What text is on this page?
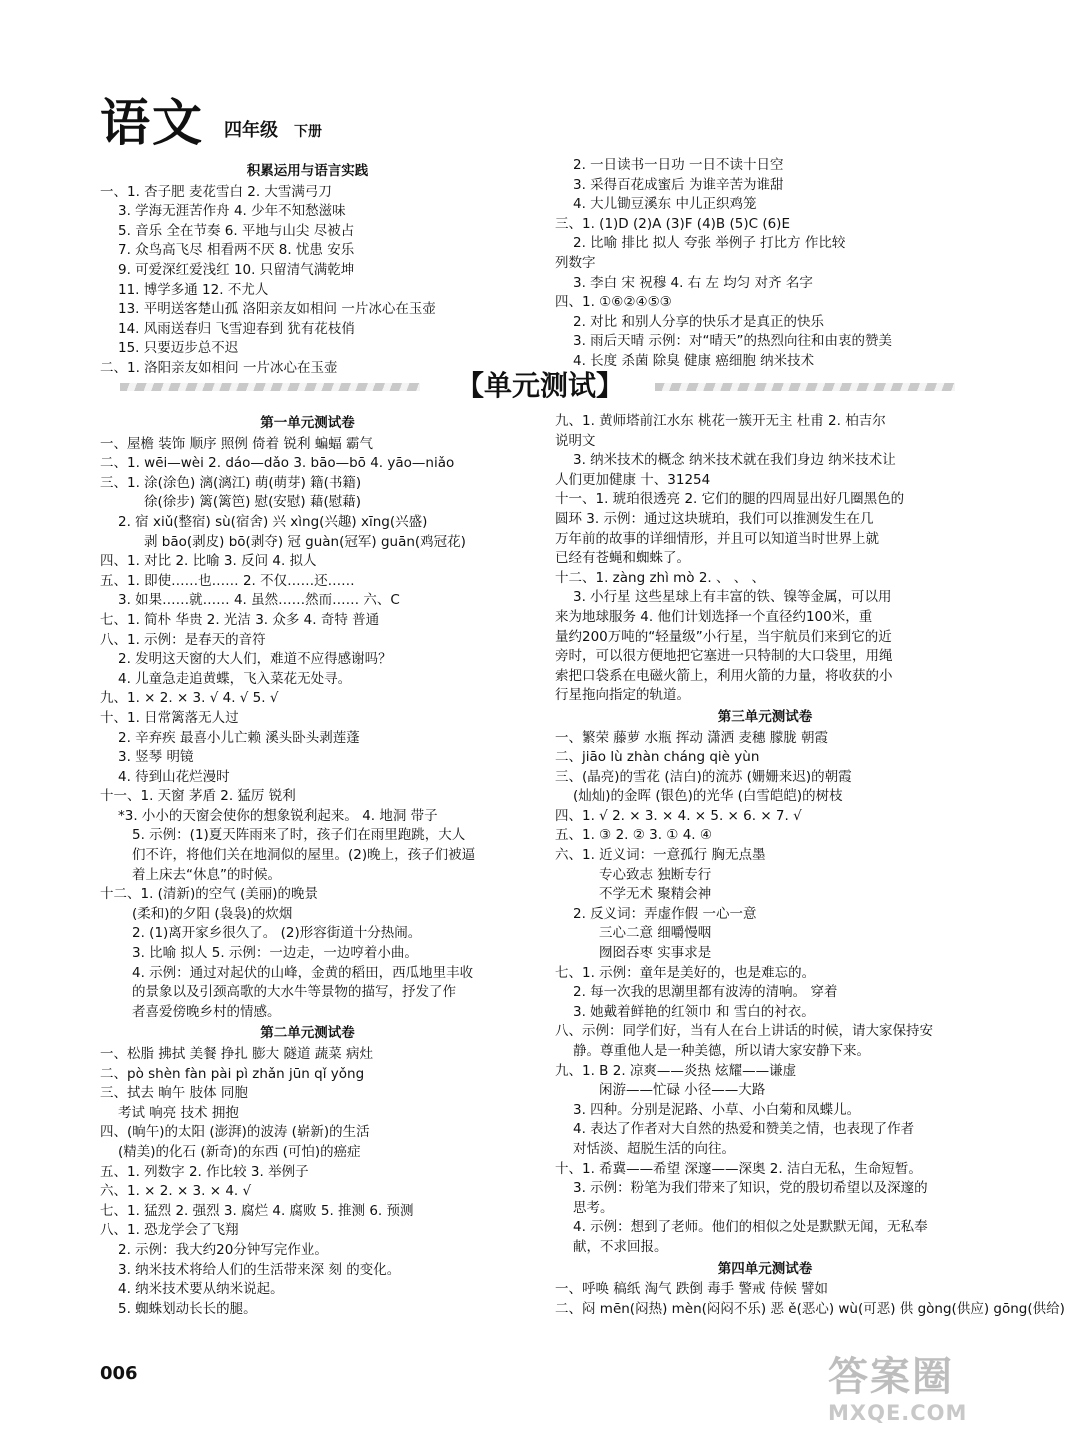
语文 四年级 下册
积累运用与语言实践
一、1. 杏子肥 麦花雪白 2. 大雪满弓刀
3. 学海无涯苦作舟 4. 少年不知愁滋味
5. 音乐 全在节奏 6. 平地与山尖 尽被占
7. 众鸟高飞尽 相看两不厌 8. 忧患 安乐
9. 可爱深红爱浅红 10. 只留清气满乾坤
11. 博学多通 12. 不尤人
13. 平明送客楚山孤 洛阳亲友如相问 一片冰心在玉壶
14. 风雨送春归 飞雪迎春到 犹有花枝俏
15. 只要迈步总不迟
二、1. 洛阳亲友如相问 一片冰心在玉壶
2. 一日读书一日功 一日不读十日空
3. 采得百花成蜜后 为谁辛苦为谁甜
4. 大儿锄豆溪东 中儿正织鸡笼
三、1. (1)D (2)A (3)F (4)B (5)C (6)E
2. 比喻 排比 拟人 夸张 举例子 打比方 作比较
列数字
3. 李白 宋 祝穆 4. 右 左 均匀 对齐 名字
四、1. ①⑥②④⑤③
2. 对比 和别人分享的快乐才是真正的快乐
3. 雨后天晴 示例：对“晴天”的热烈向往和由衷的赞美
4. 长度 杀菌 除臭 健康 癌细胞 纳米技术
【单元测试】
第一单元测试卷
一、屋檐 装饰 顺序 照例 倚着 锐利 蝙蝠 霸气
二、1. wēi—wèi 2. dáo—dǎo 3. bāo—bō 4. yāo—niǎo
三、1. 涂(涂色) 漓(漓江) 萌(萌芽) 籍(书籍)
徐(徐步) 篱(篱笆) 慰(安慰) 藉(慰藉)
2. 宿 xiǔ(整宿) sù(宿舍) 兴 xìng(兴趣) xīng(兴盛)
剥 bāo(剥皮) bō(剥夺) 冠 guàn(冠军) guān(鸡冠花)
四、1. 对比 2. 比喻 3. 反问 4. 拟人
五、1. 即使……也…… 2. 不仅……还……
3. 如果……就…… 4. 虽然……然而…… 六、C
七、1. 简朴 华贵 2. 光洁 3. 众多 4. 奇特 普通
八、1. 示例：是春天的音符
2. 发明这天窗的大人们，难道不应得感谢吗？
4. 儿童急走追黄蝶，飞入菜花无处寻。
九、1. × 2. × 3. √ 4. √ 5. √
十、1. 日常篱落无人过
2. 辛弃疾 最喜小儿亡赖 溪头卧头剥莲蓬
3. 竖琴 明镜
4. 待到山花烂漫时
十一、1. 天窗 茅盾 2. 猛厉 锐利
*3. 小小的天窗会使你的想象锐利起来。 4. 地洞 带子
5. 示例：(1)夏天阵雨来了时，孩子们在雨里跑跳，大人
们不许，将他们关在地洞似的屋里。(2)晚上，孩子们被逼
着上床去“休息”的时候。
十二、1. (清新)的空气 (美丽)的晚景
(柔和)的夕阳 (袅袅)的炊烟
2. (1)离开家乡很久了。 (2)形容街道十分热闹。
3. 比喻 拟人 5. 示例：一边走，一边哼着小曲。
4. 示例：通过对起伏的山峰，金黄的稻田，西瓜地里丰收
的景象以及引颈高歌的大水牛等景物的描写，抒发了作
者喜爱傍晚乡村的情感。
第二单元测试卷
一、松脂 拂拭 美餐 挣扎 膨大 隧道 蔬菜 病灶
二、pò shèn fàn pài pì zhǎn jūn qǐ yǒng
三、拭去 晌午 肢体 同胞
考试 响亮 技术 拥抱
四、(晌午)的太阳 (澎湃)的波涛 (崭新)的生活
(精美)的化石 (新奇)的东西 (可怕)的癌症
五、1. 列数字 2. 作比较 3. 举例子
六、1. × 2. × 3. × 4. √
七、1. 猛烈 2. 强烈 3. 腐烂 4. 腐败 5. 推测 6. 预测
八、1. 恐龙学会了飞翔
2. 示例：我大约20分钟写完作业。
3. 纳米技术将给人们的生活带来深 刻 的变化。
4. 纳米技术要从纳米说起。
5. 蜘蛛划动长长的腿。
九、1. 黄师塔前江水东 桃花一簇开无主 杜甫 2. 柏吉尔
说明文
3. 纳米技术的概念 纳米技术就在我们身边 纳米技术让
人们更加健康 十、31254
十一、1. 琥珀很透亮 2. 它们的腿的四周显出好几圈黑色的
圆环 3. 示例：通过这块琥珀，我们可以推测发生在几
万年前的故事的详细情形，并且可以知道当时世界上就
已经有苍蝇和蜘蛛了。
十二、1. zàng zhì mò 2. 、 、 、
3. 小行星 这些星球上有丰富的铁、镍等金属，可以用
来为地球服务 4. 他们计划选择一个直径约100米，重
量约200万吨的“轻量级”小行星，当宇航员们来到它的近
旁时，可以很方便地把它塞进一只特制的大口袋里，用绳
索把口袋系在电磁火箭上，利用火箭的力量，将收获的小
行星拖向指定的轨道。
第三单元测试卷
一、繁荣 藤萝 水瓶 挥动 潇洒 麦穗 朦胧 朝霞
二、jiāo lù zhàn cháng qiè yùn
三、(晶亮)的雪花 (洁白)的流苏 (姗姗来迟)的朝霞
(灿灿)的金晖 (银色)的光华 (白雪皑皑)的树枝
四、1. √ 2. × 3. × 4. × 5. × 6. × 7. √
五、1. ③ 2. ② 3. ① 4. ④
六、1. 近义词：一意孤行 胸无点墨
专心致志 独断专行
不学无术 聚精会神
2. 反义词：弄虚作假 一心一意
三心二意 细嚼慢咽
囫囵吞枣 实事求是
七、1. 示例：童年是美好的，也是难忘的。
2. 每一次我的思潮里都有波涛的清响。 穿着
3. 她戴着鲜艳的红领巾 和 雪白的衬衣。
八、示例：同学们好，当有人在台上讲话的时候，请大家保持安
静。尊重他人是一种美德，所以请大家安静下来。
九、1. B 2. 凉爽——炎热 炫耀——谦虚
闲游——忙碌 小径——大路
3. 四种。分别是泥路、小草、小白菊和凤蝶儿。
4. 表达了作者对大自然的热爱和赞美之情，也表现了作者
对恬淡、超脱生活的向往。
十、1. 希冀——希望 深邃——深奥 2. 洁白无私，生命短暂。
3. 示例：粉笔为我们带来了知识，党的殷切希望以及深邃的
思考。
4. 示例：想到了老师。他们的相似之处是默默无闻，无私奉
献，不求回报。
第四单元测试卷
一、呼唤 稿纸 淘气 跌倒 毒手 警戒 侍候 譬如
二、闷 mēn(闷热) mèn(闷闷不乐) 恶 ě(恶心) wù(可恶) 供 gòng(供应) gōng(供给)
006	答案圈
MXQE.COM
